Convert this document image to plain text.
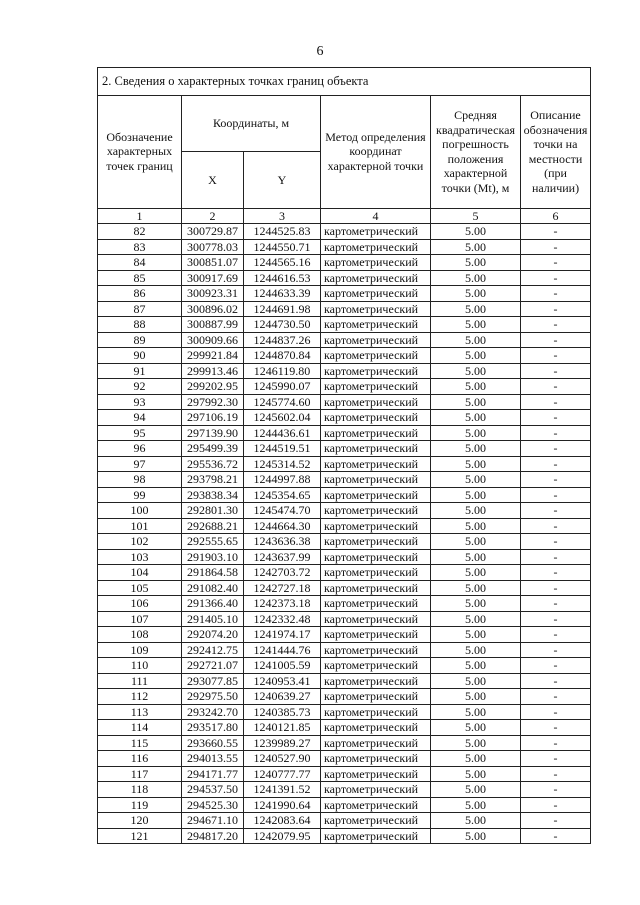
6
2. Сведения о характерных точках границ объекта					
Обозначение характерных точек границ	Координаты, м		Метод определения координат характерной точки	Средняя квадратическая погрешность положения характерной точки (Mt), м	Описание обозначения точки на местности (при наличии)
	X	Y			
1	2	3	4	5	6
82	300729.87	1244525.83	картометрический	5.00	-
83	300778.03	1244550.71	картометрический	5.00	-
84	300851.07	1244565.16	картометрический	5.00	-
85	300917.69	1244616.53	картометрический	5.00	-
86	300923.31	1244633.39	картометрический	5.00	-
87	300896.02	1244691.98	картометрический	5.00	-
88	300887.99	1244730.50	картометрический	5.00	-
89	300909.66	1244837.26	картометрический	5.00	-
90	299921.84	1244870.84	картометрический	5.00	-
91	299913.46	1246119.80	картометрический	5.00	-
92	299202.95	1245990.07	картометрический	5.00	-
93	297992.30	1245774.60	картометрический	5.00	-
94	297106.19	1245602.04	картометрический	5.00	-
95	297139.90	1244436.61	картометрический	5.00	-
96	295499.39	1244519.51	картометрический	5.00	-
97	295536.72	1245314.52	картометрический	5.00	-
98	293798.21	1244997.88	картометрический	5.00	-
99	293838.34	1245354.65	картометрический	5.00	-
100	292801.30	1245474.70	картометрический	5.00	-
101	292688.21	1244664.30	картометрический	5.00	-
102	292555.65	1243636.38	картометрический	5.00	-
103	291903.10	1243637.99	картометрический	5.00	-
104	291864.58	1242703.72	картометрический	5.00	-
105	291082.40	1242727.18	картометрический	5.00	-
106	291366.40	1242373.18	картометрический	5.00	-
107	291405.10	1242332.48	картометрический	5.00	-
108	292074.20	1241974.17	картометрический	5.00	-
109	292412.75	1241444.76	картометрический	5.00	-
110	292721.07	1241005.59	картометрический	5.00	-
111	293077.85	1240953.41	картометрический	5.00	-
112	292975.50	1240639.27	картометрический	5.00	-
113	293242.70	1240385.73	картометрический	5.00	-
114	293517.80	1240121.85	картометрический	5.00	-
115	293660.55	1239989.27	картометрический	5.00	-
116	294013.55	1240527.90	картометрический	5.00	-
117	294171.77	1240777.77	картометрический	5.00	-
118	294537.50	1241391.52	картометрический	5.00	-
119	294525.30	1241990.64	картометрический	5.00	-
120	294671.10	1242083.64	картометрический	5.00	-
121	294817.20	1242079.95	картометрический	5.00	-
